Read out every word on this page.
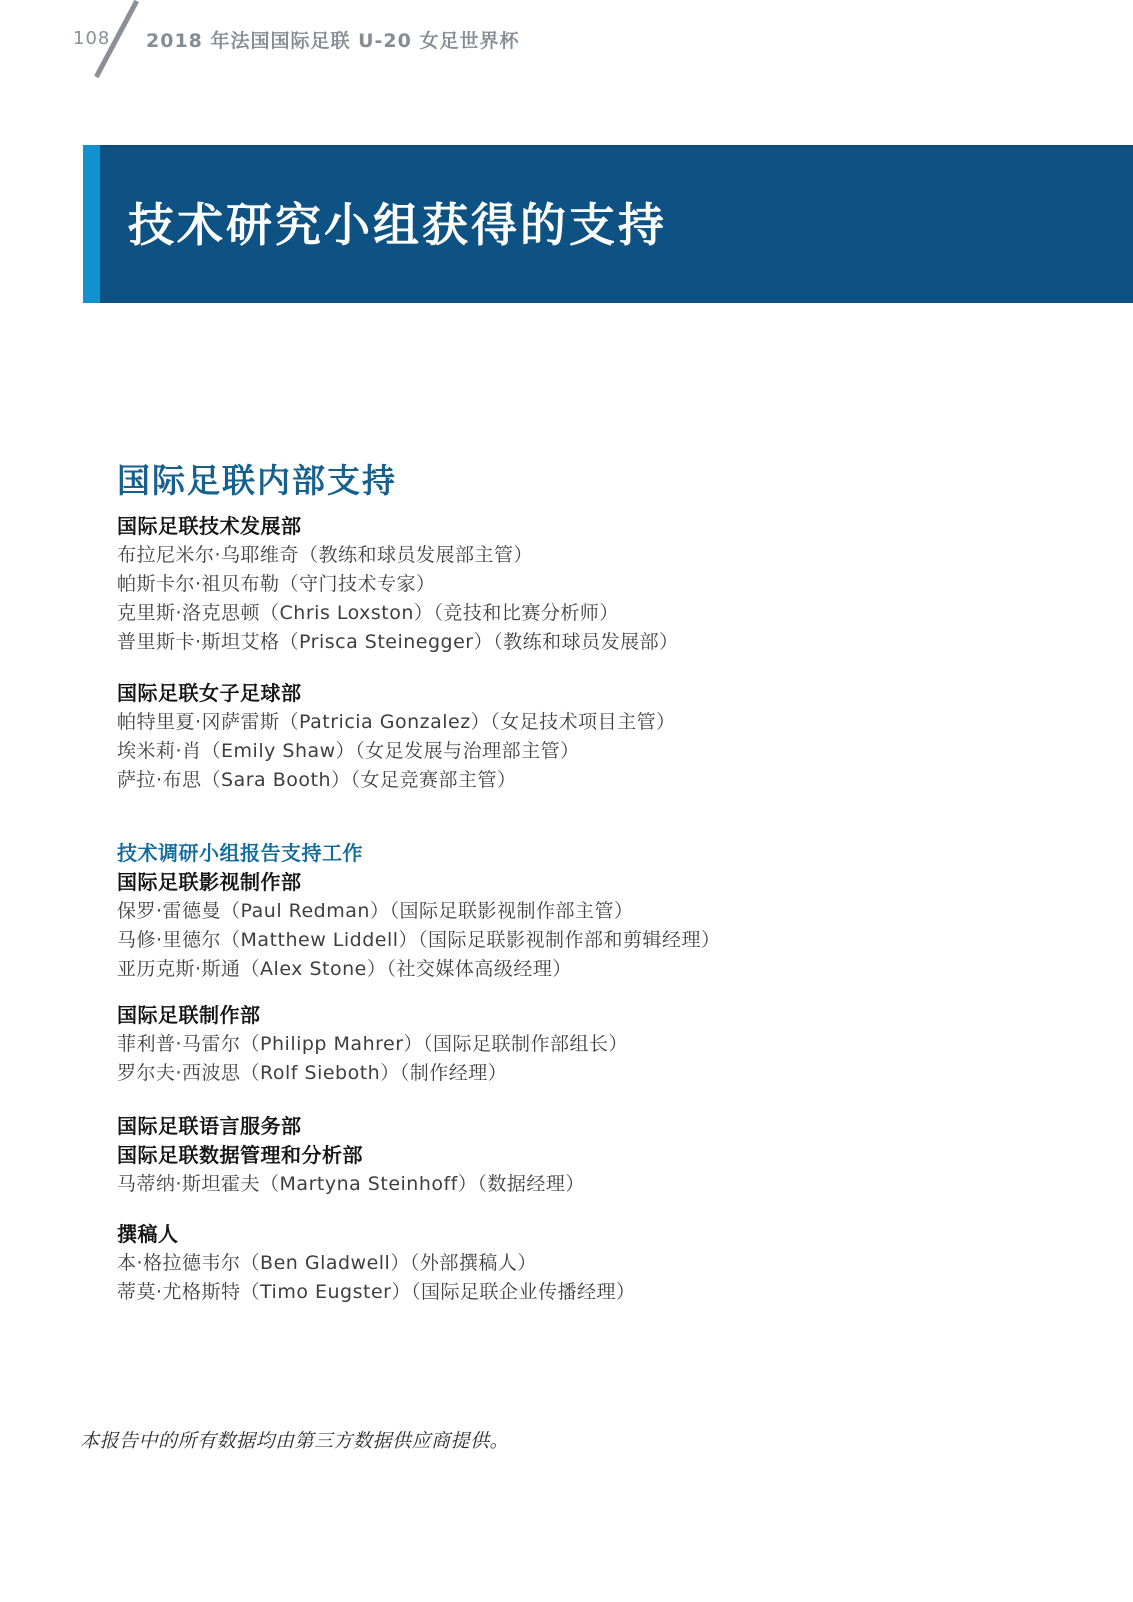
108 2018 年法国国际足联 U-20 女足世界杯
技术研究小组获得的支持
国际足联内部支持
国际足联技术发展部
布拉尼米尔·乌耶维奇（教练和球员发展部主管）
帕斯卡尔·祖贝布勒（守门技术专家）
克里斯·洛克思顿（Chris Loxston）（竞技和比赛分析师）
普里斯卡·斯坦艾格（Prisca Steinegger）（教练和球员发展部）
国际足联女子足球部
帕特里夏·冈萨雷斯（Patricia Gonzalez）（女足技术项目主管）
埃米莉·肖（Emily Shaw）（女足发展与治理部主管）
萨拉·布思（Sara Booth）（女足竞赛部主管）
技术调研小组报告支持工作
国际足联影视制作部
保罗·雷德曼（Paul Redman）（国际足联影视制作部主管）
马修·里德尔（Matthew Liddell）（国际足联影视制作部和剪辑经理）
亚历克斯·斯通（Alex Stone）（社交媒体高级经理）
国际足联制作部
菲利普·马雷尔（Philipp Mahrer）（国际足联制作部组长）
罗尔夫·西波思（Rolf Sieboth）（制作经理）
国际足联语言服务部
国际足联数据管理和分析部
马蒂纳·斯坦霍夫（Martyna Steinhoff）（数据经理）
撰稿人
本·格拉德韦尔（Ben Gladwell）（外部撰稿人）
蒂莫·尤格斯特（Timo Eugster）（国际足联企业传播经理）
本报告中的所有数据均由第三方数据供应商提供。
